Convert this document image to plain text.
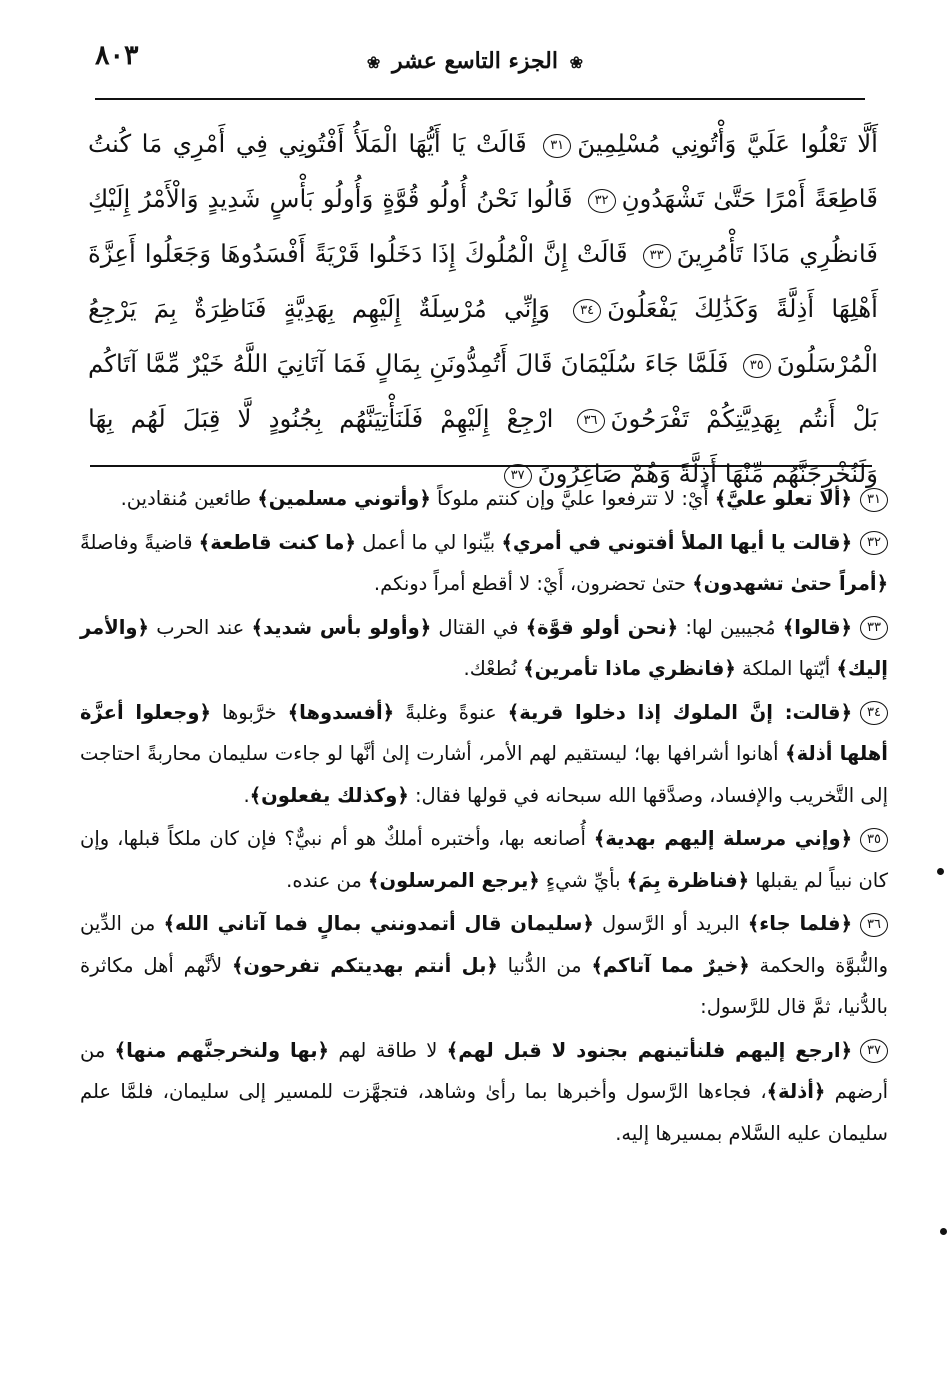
٨٠٣	❀ الجزء التاسع عشر ❀
أَلَّا تَعْلُوا عَلَيَّ وَأْتُونِي مُسْلِمِينَ٣١ قَالَتْ يَا أَيُّهَا الْمَلَأُ أَفْتُونِي فِي أَمْرِي مَا كُنتُ قَاطِعَةً أَمْرًا حَتَّىٰ تَشْهَدُونِ٣٢ قَالُوا نَحْنُ أُولُو قُوَّةٍ وَأُولُو بَأْسٍ شَدِيدٍ وَالْأَمْرُ إِلَيْكِ فَانظُرِي مَاذَا تَأْمُرِينَ٣٣ قَالَتْ إِنَّ الْمُلُوكَ إِذَا دَخَلُوا قَرْيَةً أَفْسَدُوهَا وَجَعَلُوا أَعِزَّةَ أَهْلِهَا أَذِلَّةً وَكَذَٰلِكَ يَفْعَلُونَ٣٤ وَإِنِّي مُرْسِلَةٌ إِلَيْهِم بِهَدِيَّةٍ فَنَاظِرَةٌ بِمَ يَرْجِعُ الْمُرْسَلُونَ٣٥ فَلَمَّا جَاءَ سُلَيْمَانَ قَالَ أَتُمِدُّونَنِ بِمَالٍ فَمَا آتَانِيَ اللَّهُ خَيْرٌ مِّمَّا آتَاكُم بَلْ أَنتُم بِهَدِيَّتِكُمْ تَفْرَحُونَ٣٦ ارْجِعْ إِلَيْهِمْ فَلَنَأْتِيَنَّهُم بِجُنُودٍ لَّا قِبَلَ لَهُم بِهَا وَلَنُخْرِجَنَّهُم مِّنْهَا أَذِلَّةً وَهُمْ صَاغِرُونَ٣٧
٣١﴿ألا تعلو عليَّ﴾ أَيْ: لا تترفعوا عليَّ وإن كنتم ملوكاً ﴿وأتوني مسلمين﴾ طائعين مُنقادين.
٣٢﴿قالت يا أيها الملأ أفتوني في أمري﴾ بيِّنوا لي ما أعمل ﴿ما كنت قاطعة﴾ قاضيةً وفاصلةً ﴿أمراً حتىٰ تشهدون﴾ حتىٰ تحضرون، أَيْ: لا أقطع أمراً دونكم.
٣٣﴿قالوا﴾ مُجيبين لها: ﴿نحن أولو قوَّة﴾ في القتال ﴿وأولو بأس شديد﴾ عند الحرب ﴿والأمر إليك﴾ أيّتها الملكة ﴿فانظري ماذا تأمرين﴾ نُطعْك.
٣٤﴿قالت: إنَّ الملوك إذا دخلوا قرية﴾ عنوةً وغلبةً ﴿أفسدوها﴾ خرَّبوها ﴿وجعلوا أعزَّة أهلها أذلة﴾ أهانوا أشرافها بها؛ ليستقيم لهم الأمر، أشارت إلىٰ أنَّها لو جاءت سليمان محاربةً احتاجت إلى التَّخريب والإفساد، وصدَّقها الله سبحانه في قولها فقال: ﴿وكذلك يفعلون﴾.
٣٥﴿وإني مرسلة إليهم بهدية﴾ أُصانعه بها، وأختبره أملكٌ هو أم نبيٌّ؟ فإن كان ملكاً قبلها، وإن كان نبياً لم يقبلها ﴿فناظرة بِمَ﴾ بأيِّ شيءٍ ﴿يرجع المرسلون﴾ من عنده.
٣٦﴿فلما جاء﴾ البريد أو الرَّسول ﴿سليمان قال أتمدونني بمالٍ فما آتاني الله﴾ من الدِّين والنُّبوَّة والحكمة ﴿خيرٌ مما آتاكم﴾ من الدُّنيا ﴿بل أنتم بهديتكم تفرحون﴾ لأنَّهم أهل مكاثرة بالدُّنيا، ثمَّ قال للرَّسول:
٣٧﴿ارجع إليهم فلنأتينهم بجنود لا قبل لهم﴾ لا طاقة لهم ﴿بها ولنخرجنَّهم منها﴾ من أرضهم ﴿أذلة﴾، فجاءها الرَّسول وأخبرها بما رأىٰ وشاهد، فتجهَّزت للمسير إلى سليمان، فلمَّا علم سليمان عليه السَّلام بمسيرها إليه.
